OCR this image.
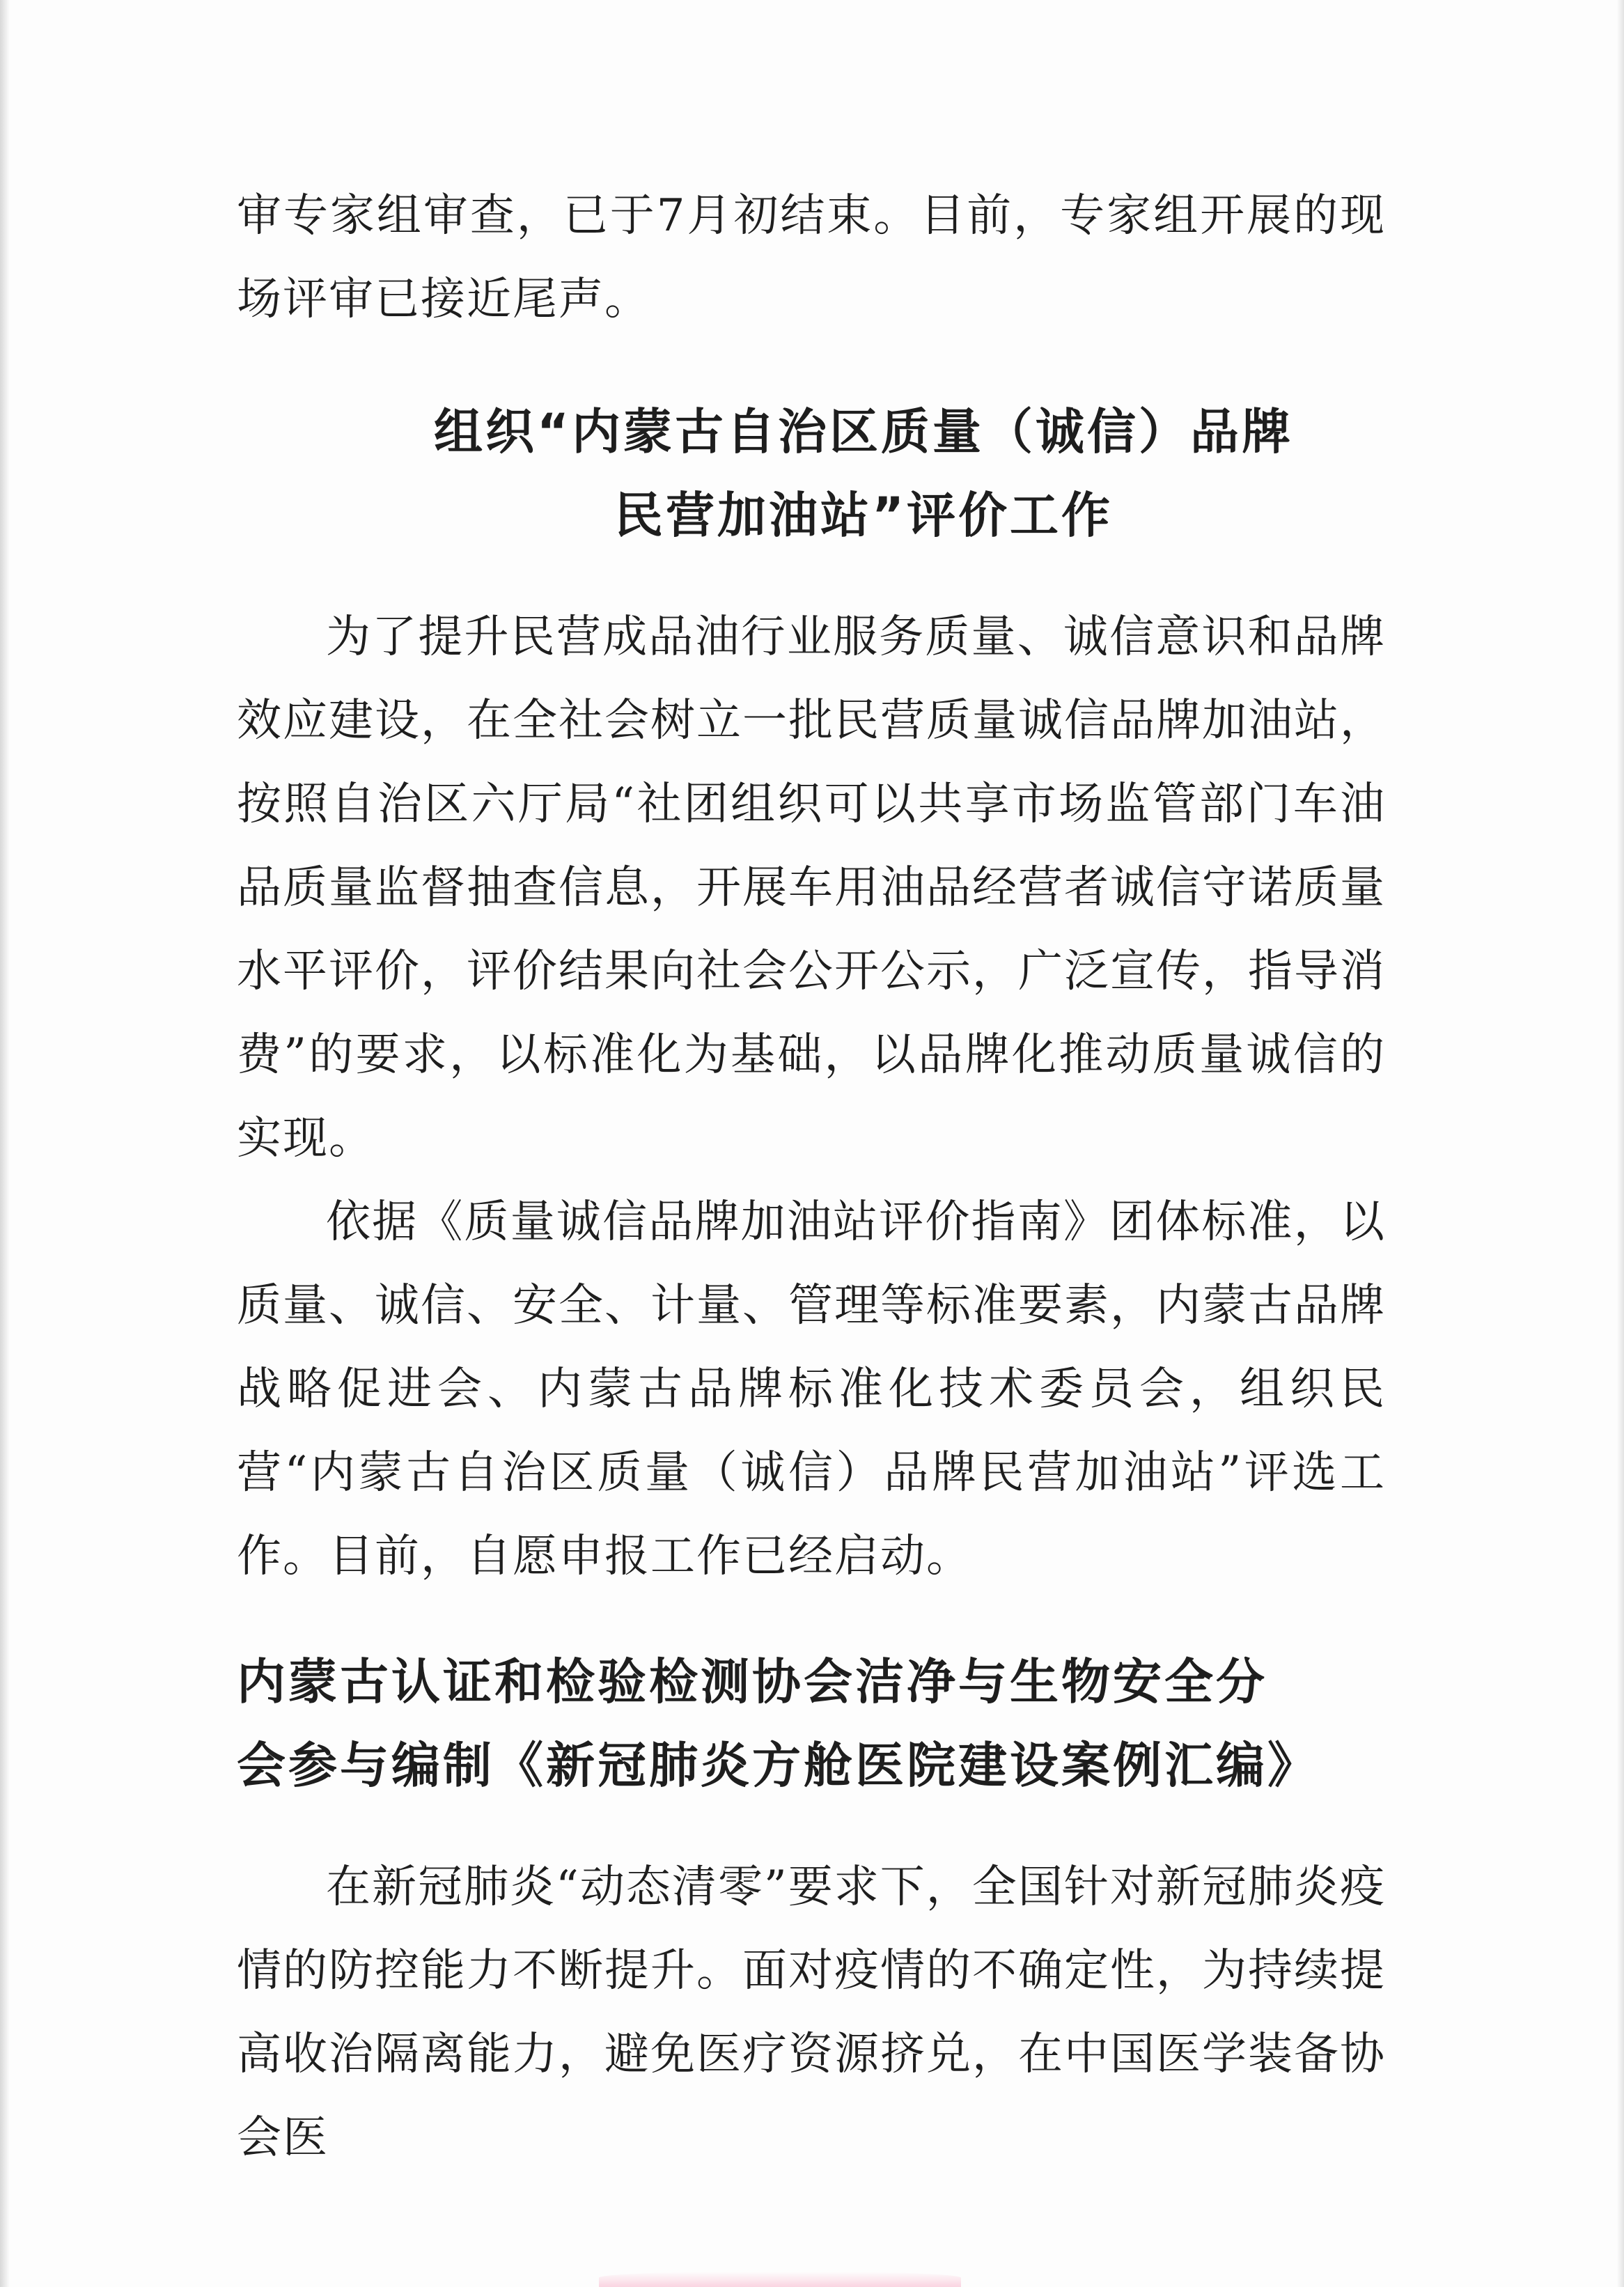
审专家组审查，已于7月初结束。目前，专家组开展的现场评审已接近尾声。

组织“内蒙古自治区质量（诚信）品牌
民营加油站”评价工作

为了提升民营成品油行业服务质量、诚信意识和品牌效应建设，在全社会树立一批民营质量诚信品牌加油站，按照自治区六厅局“社团组织可以共享市场监管部门车油品质量监督抽查信息，开展车用油品经营者诚信守诺质量水平评价，评价结果向社会公开公示，广泛宣传，指导消费”的要求，以标准化为基础，以品牌化推动质量诚信的实现。

依据《质量诚信品牌加油站评价指南》团体标准，以质量、诚信、安全、计量、管理等标准要素，内蒙古品牌战略促进会、内蒙古品牌标准化技术委员会，组织民营“内蒙古自治区质量（诚信）品牌民营加油站”评选工作。目前，自愿申报工作已经启动。

内蒙古认证和检验检测协会洁净与生物安全分
会参与编制《新冠肺炎方舱医院建设案例汇编》

在新冠肺炎“动态清零”要求下，全国针对新冠肺炎疫情的防控能力不断提升。面对疫情的不确定性，为持续提高收治隔离能力，避免医疗资源挤兑，在中国医学装备协会医
